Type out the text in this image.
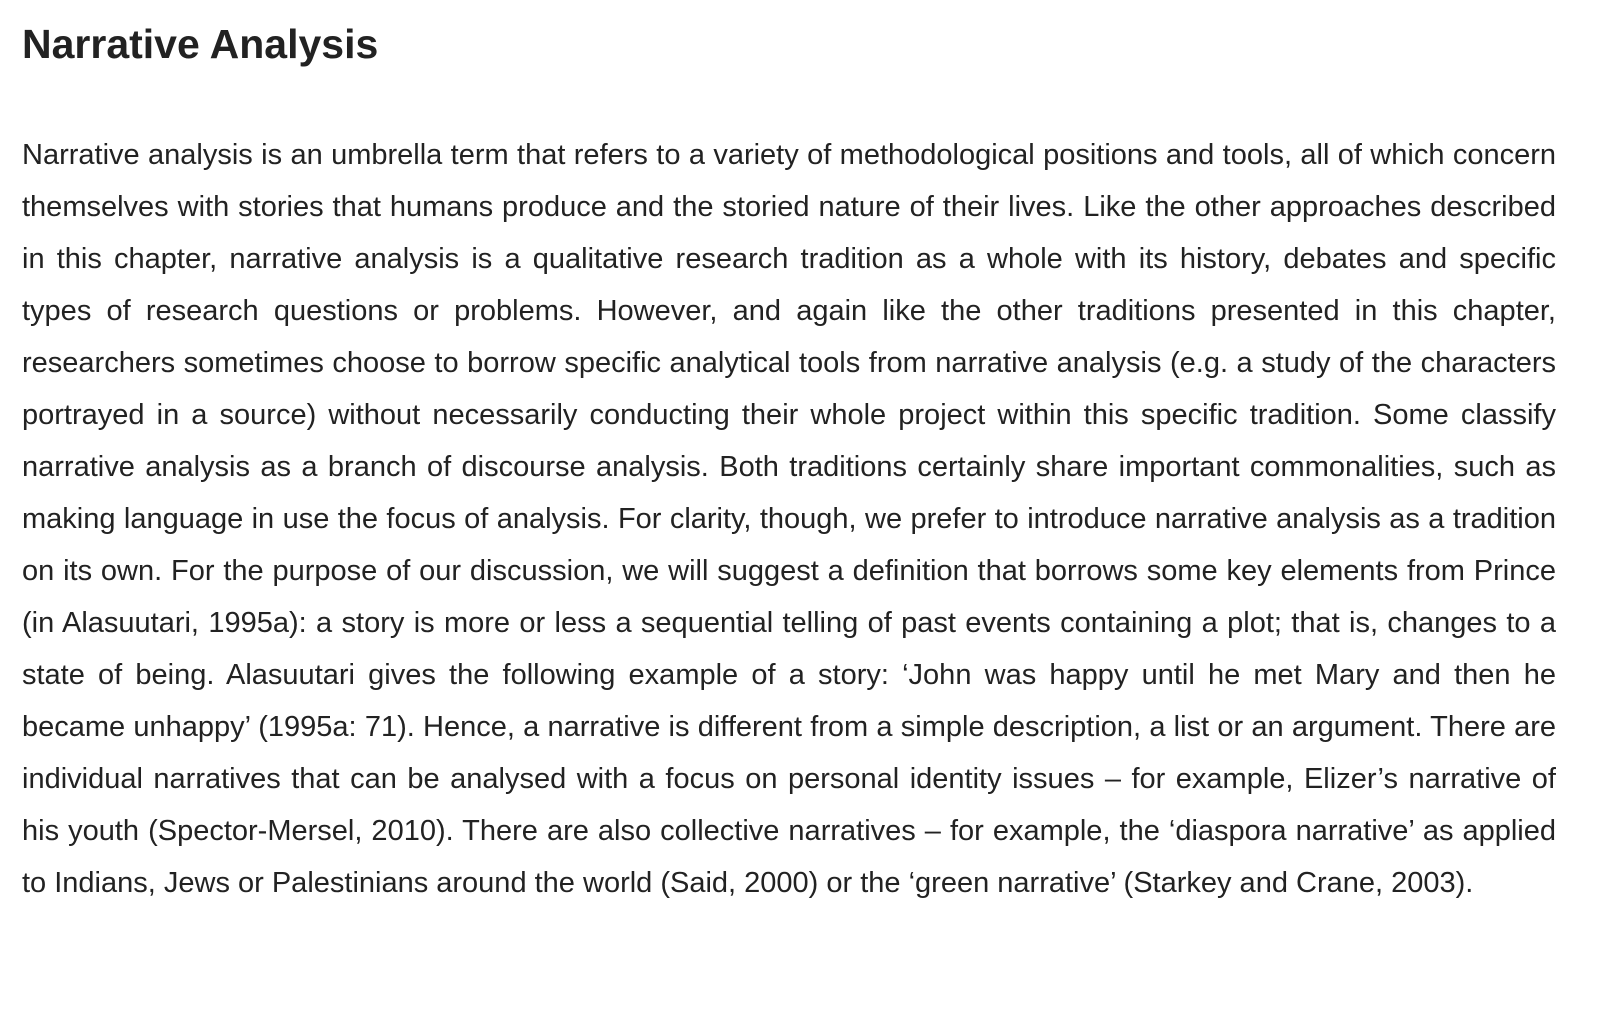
Narrative Analysis

Narrative analysis is an umbrella term that refers to a variety of methodological positions and tools, all of which concern themselves with stories that humans produce and the storied nature of their lives. Like the other approaches described in this chapter, narrative analysis is a qualitative research tradition as a whole with its history, debates and specific types of research questions or problems. However, and again like the other traditions presented in this chapter, researchers sometimes choose to borrow specific analytical tools from narrative analysis (e.g. a study of the characters portrayed in a source) without necessarily conducting their whole project within this specific tradition. Some classify narrative analysis as a branch of discourse analysis. Both traditions certainly share important commonalities, such as making language in use the focus of analysis. For clarity, though, we prefer to introduce narrative analysis as a tradition on its own. For the purpose of our discussion, we will suggest a definition that borrows some key elements from Prince (in Alasuutari, 1995a): a story is more or less a sequential telling of past events containing a plot; that is, changes to a state of being. Alasuutari gives the following example of a story: ‘John was happy until he met Mary and then he became unhappy’ (1995a: 71). Hence, a narrative is different from a simple description, a list or an argument. There are individual narratives that can be analysed with a focus on personal identity issues – for example, Elizer’s narrative of his youth (Spector-Mersel, 2010). There are also collective narratives – for example, the ‘diaspora narrative’ as applied to Indians, Jews or Palestinians around the world (Said, 2000) or the ‘green narrative’ (Starkey and Crane, 2003).
